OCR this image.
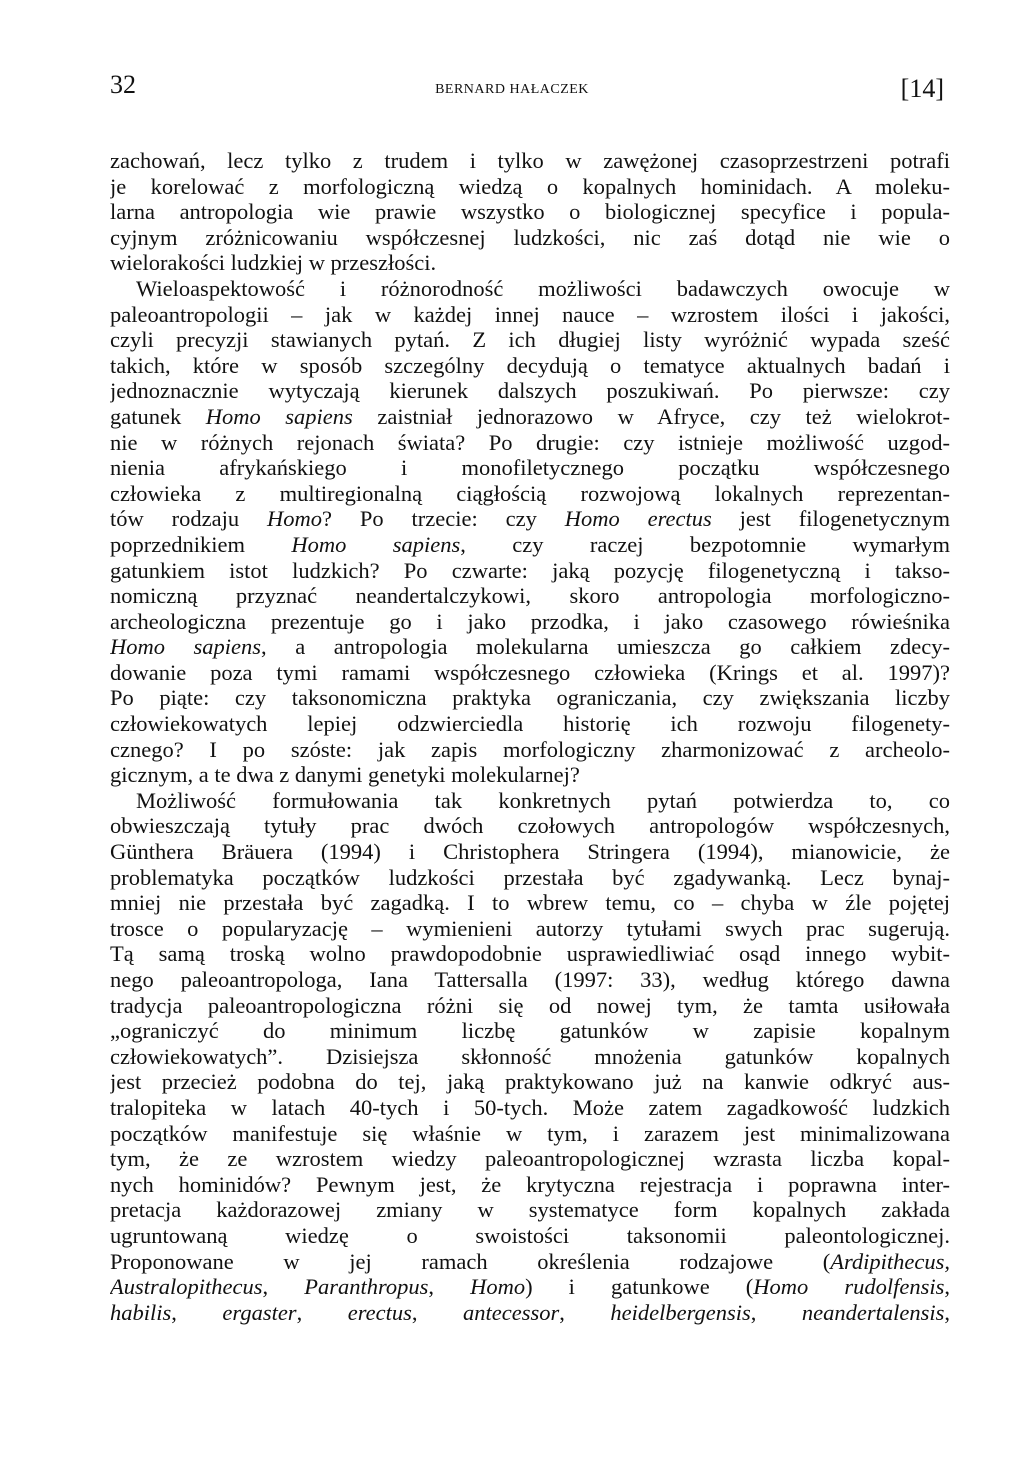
32	BERNARD HAŁACZEK	[14]
zachowań, lecz tylko z trudem i tylko w zawężonej czasoprzestrzeni potrafi
je korelować z morfologiczną wiedzą o kopalnych hominidach. A moleku-
larna antropologia wie prawie wszystko o biologicznej specyfice i popula-
cyjnym zróżnicowaniu współczesnej ludzkości, nic zaś dotąd nie wie o
wielorakości ludzkiej w przeszłości.
Wieloaspektowość i różnorodność możliwości badawczych owocuje w
paleoantropologii – jak w każdej innej nauce – wzrostem ilości i jakości,
czyli precyzji stawianych pytań. Z ich długiej listy wyróżnić wypada sześć
takich, które w sposób szczególny decydują o tematyce aktualnych badań i
jednoznacznie wytyczają kierunek dalszych poszukiwań. Po pierwsze: czy
gatunek Homo sapiens zaistniał jednorazowo w Afryce, czy też wielokrot-
nie w różnych rejonach świata? Po drugie: czy istnieje możliwość uzgod-
nienia afrykańskiego i monofiletycznego początku współczesnego
człowieka z multiregionalną ciągłością rozwojową lokalnych reprezentan-
tów rodzaju Homo? Po trzecie: czy Homo erectus jest filogenetycznym
poprzednikiem Homo sapiens, czy raczej bezpotomnie wymarłym
gatunkiem istot ludzkich? Po czwarte: jaką pozycję filogenetyczną i takso-
nomiczną przyznać neandertalczykowi, skoro antropologia morfologiczno-
archeologiczna prezentuje go i jako przodka, i jako czasowego rówieśnika
Homo sapiens, a antropologia molekularna umieszcza go całkiem zdecy-
dowanie poza tymi ramami współczesnego człowieka (Krings et al. 1997)?
Po piąte: czy taksonomiczna praktyka ograniczania, czy zwiększania liczby
człowiekowatych lepiej odzwierciedla historię ich rozwoju filogenety-
cznego? I po szóste: jak zapis morfologiczny zharmonizować z archeolo-
gicznym, a te dwa z danymi genetyki molekularnej?
Możliwość formułowania tak konkretnych pytań potwierdza to, co
obwieszczają tytuły prac dwóch czołowych antropologów współczesnych,
Günthera Bräuera (1994) i Christophera Stringera (1994), mianowicie, że
problematyka początków ludzkości przestała być zgadywanką. Lecz bynaj-
mniej nie przestała być zagadką. I to wbrew temu, co – chyba w źle pojętej
trosce o popularyzację – wymienieni autorzy tytułami swych prac sugerują.
Tą samą troską wolno prawdopodobnie usprawiedliwiać osąd innego wybit-
nego paleoantropologa, Iana Tattersalla (1997: 33), według którego dawna
tradycja paleoantropologiczna różni się od nowej tym, że tamta usiłowała
„ograniczyć do minimum liczbę gatunków w zapisie kopalnym
człowiekowatych”. Dzisiejsza skłonność mnożenia gatunków kopalnych
jest przecież podobna do tej, jaką praktykowano już na kanwie odkryć aus-
tralopiteka w latach 40-tych i 50-tych. Może zatem zagadkowość ludzkich
początków manifestuje się właśnie w tym, i zarazem jest minimalizowana
tym, że ze wzrostem wiedzy paleoantropologicznej wzrasta liczba kopal-
nych hominidów? Pewnym jest, że krytyczna rejestracja i poprawna inter-
pretacja każdorazowej zmiany w systematyce form kopalnych zakłada
ugruntowaną wiedzę o swoistości taksonomii paleontologicznej.
Proponowane w jej ramach określenia rodzajowe (Ardipithecus,
Australopithecus, Paranthropus, Homo) i gatunkowe (Homo rudolfensis,
habilis, ergaster, erectus, antecessor, heidelbergensis, neandertalensis,
